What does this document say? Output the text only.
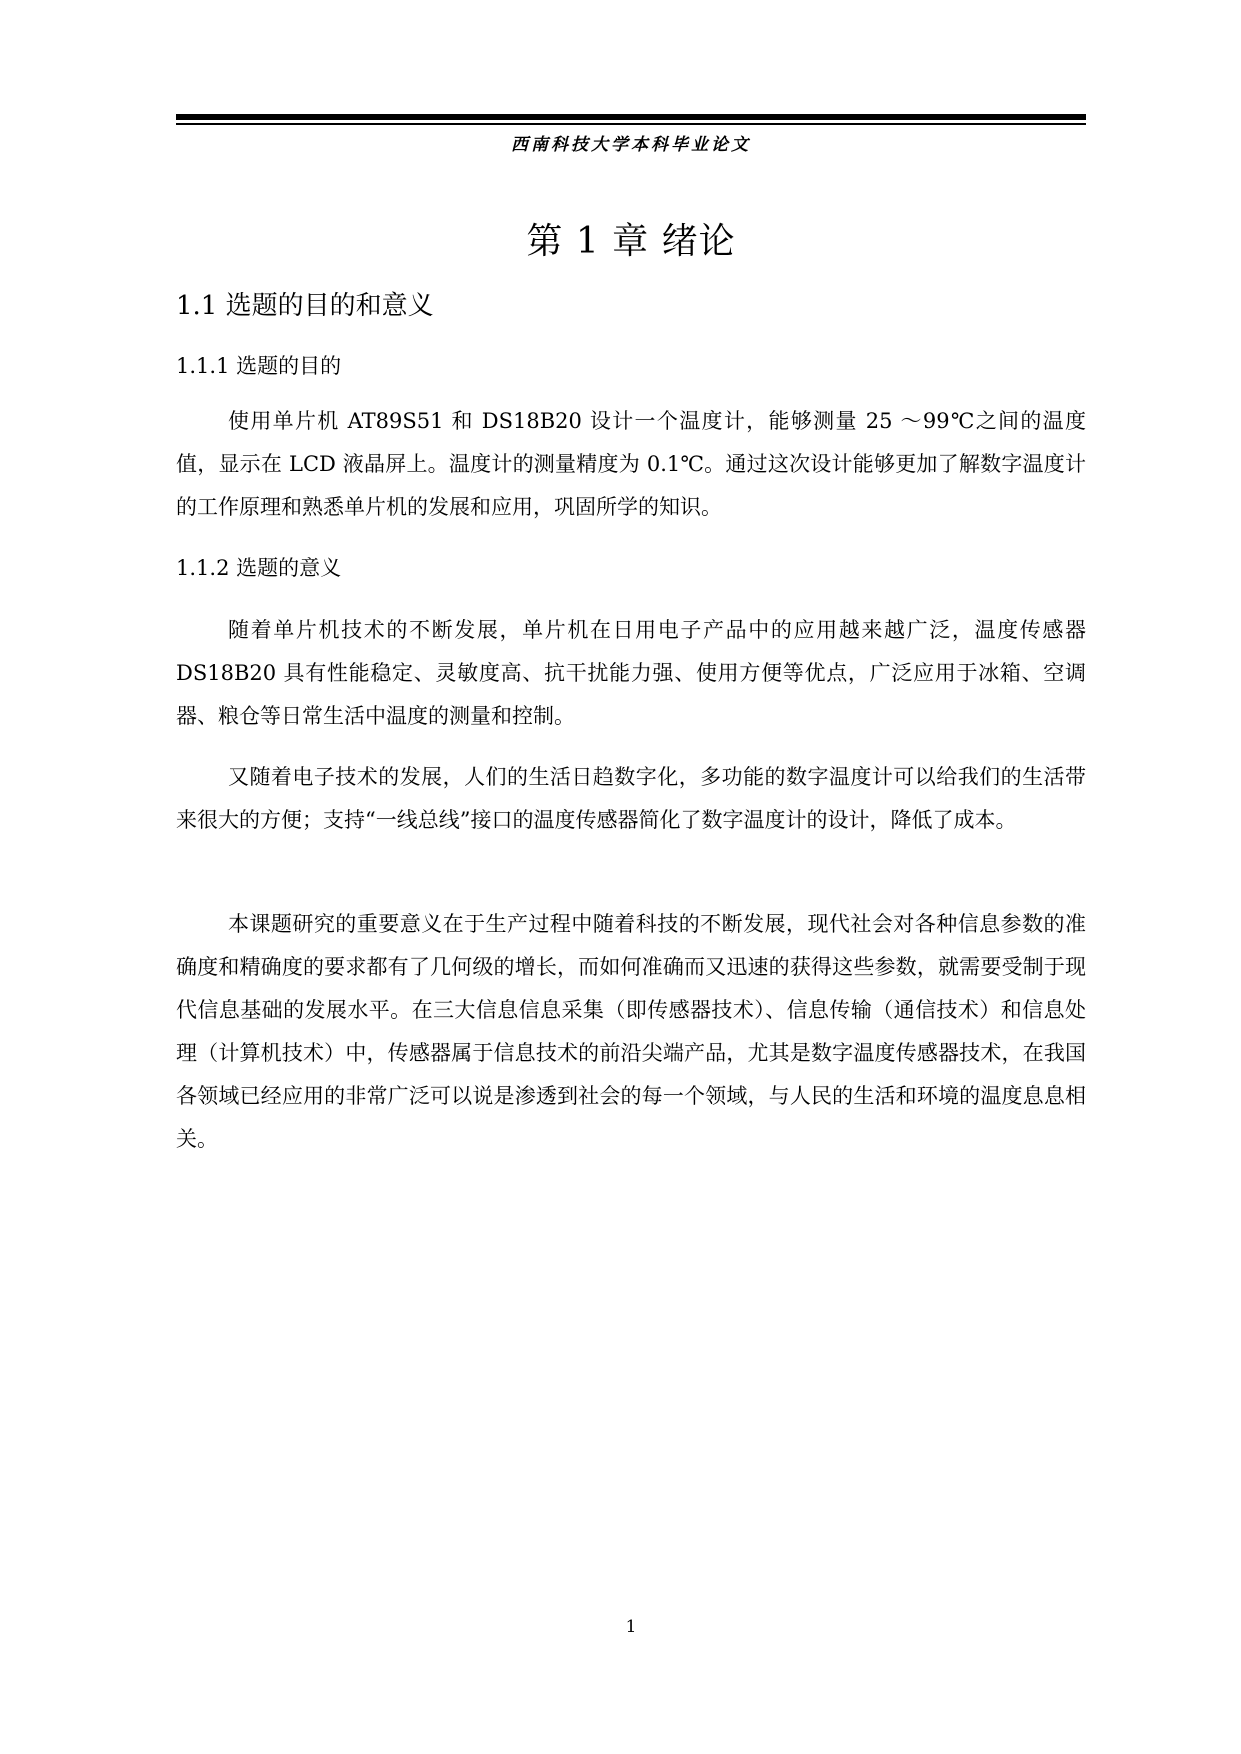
西南科技大学本科毕业论文
第 1 章 绪论
1.1 选题的目的和意义
1.1.1 选题的目的

使用单片机 AT89S51 和 DS18B20 设计一个温度计，能够测量 25 ～99℃之间的温度值，显示在 LCD 液晶屏上。温度计的测量精度为 0.1℃。通过这次设计能够更加了解数字温度计的工作原理和熟悉单片机的发展和应用，巩固所学的知识。

1.1.2 选题的意义

随着单片机技术的不断发展，单片机在日用电子产品中的应用越来越广泛，温度传感器 DS18B20 具有性能稳定、灵敏度高、抗干扰能力强、使用方便等优点，广泛应用于冰箱、空调器、粮仓等日常生活中温度的测量和控制。

又随着电子技术的发展，人们的生活日趋数字化，多功能的数字温度计可以给我们的生活带来很大的方便；支持“一线总线”接口的温度传感器简化了数字温度计的设计，降低了成本。

本课题研究的重要意义在于生产过程中随着科技的不断发展，现代社会对各种信息参数的准确度和精确度的要求都有了几何级的增长，而如何准确而又迅速的获得这些参数，就需要受制于现代信息基础的发展水平。在三大信息信息采集（即传感器技术）、信息传输（通信技术）和信息处理（计算机技术）中，传感器属于信息技术的前沿尖端产品，尤其是数字温度传感器技术，在我国各领域已经应用的非常广泛可以说是渗透到社会的每一个领域，与人民的生活和环境的温度息息相关。

1
